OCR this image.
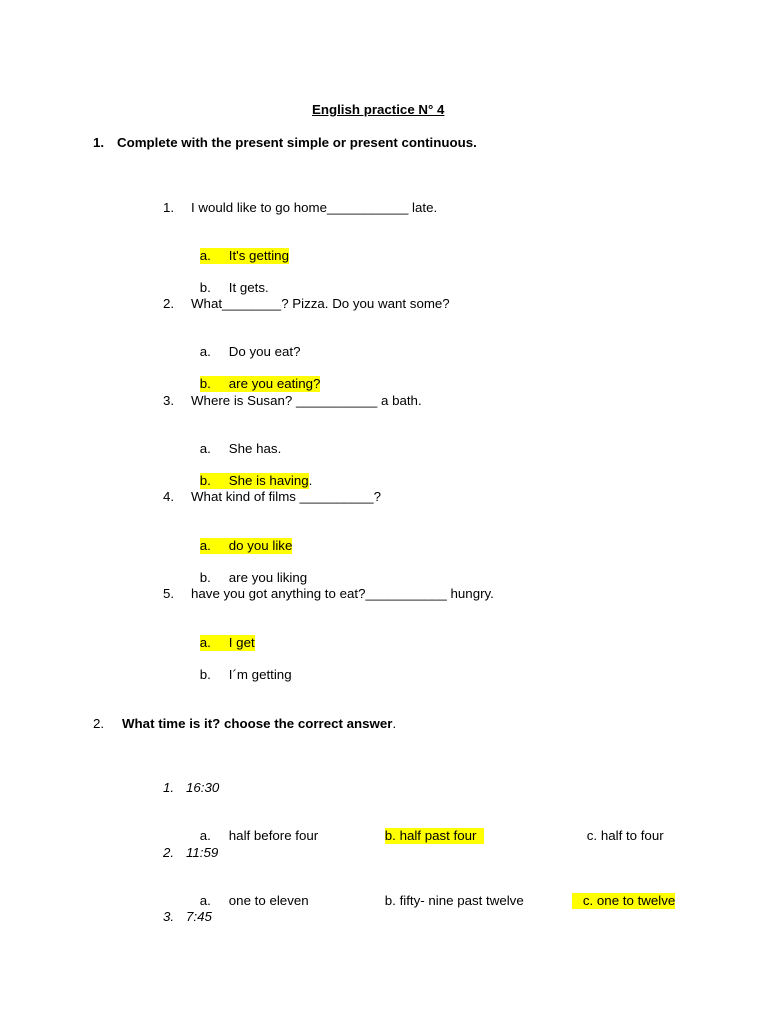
English practice N° 4
1. Complete with the present simple or present continuous.
1. I would like to go home___________ late.

a. It's getting

b. It gets.

2. What________? Pizza. Do you want some?

a. Do you eat?

b. are you eating?

3. Where is Susan? ___________ a bath.

a. She has.

b. She is having.

4. What kind of films __________?

a. do you like

b. are you liking

5. have you got anything to eat?___________ hungry.

a. I get

b. I´m getting

2. What time is it? choose the correct answer.
1. 16:30

a. half before four
	b. half past four
	c. half to four

2. 11:59

a. one to eleven
	b. fifty- nine past twelve
	c. one to twelve

3. 7:45
